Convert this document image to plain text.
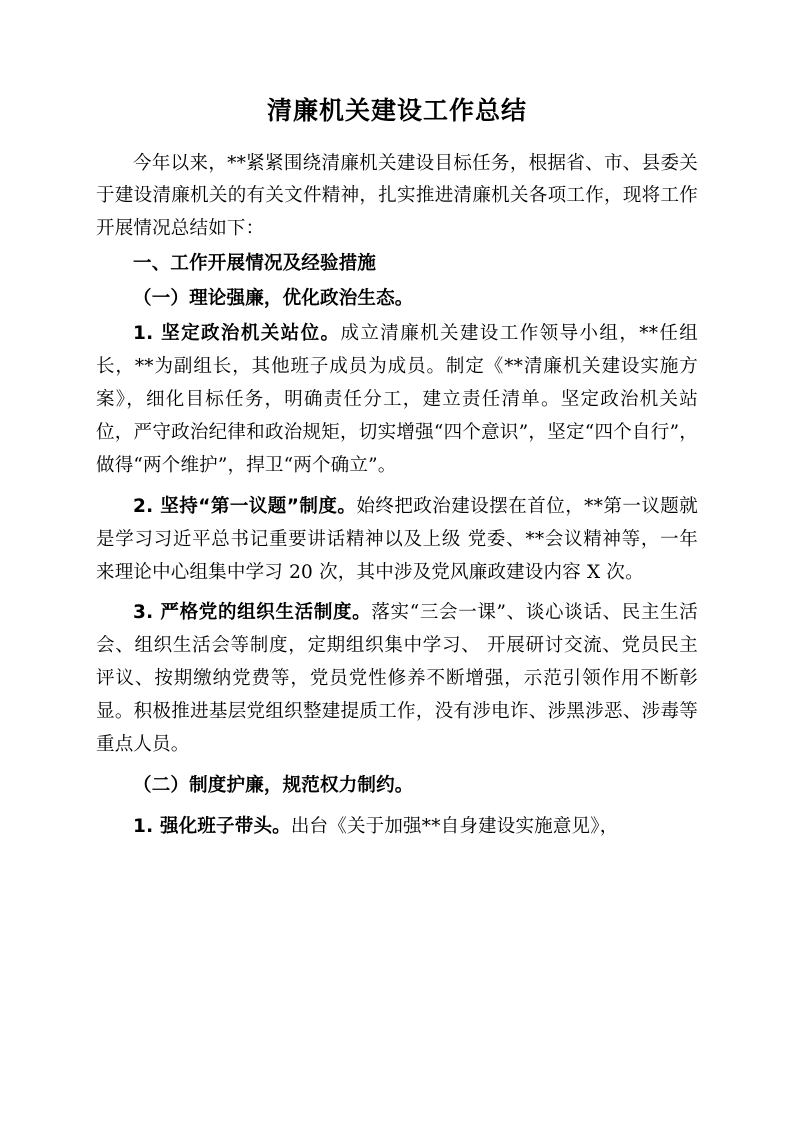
清廉机关建设工作总结

今年以来，**紧紧围绕清廉机关建设目标任务，根据省、市、县委关于建设清廉机关的有关文件精神，扎实推进清廉机关各项工作，现将工作开展情况总结如下：

一、工作开展情况及经验措施

（一）理论强廉，优化政治生态。

1. 坚定政治机关站位。成立清廉机关建设工作领导小组，**任组长，**为副组长，其他班子成员为成员。制定《**清廉机关建设实施方案》，细化目标任务，明确责任分工，建立责任清单。坚定政治机关站位，严守政治纪律和政治规矩，切实增强“四个意识”，坚定“四个自行”，做得“两个维护”，捍卫“两个确立”。

2. 坚持“第一议题”制度。始终把政治建设摆在首位，**第一议题就是学习习近平总书记重要讲话精神以及上级 党委、**会议精神等，一年来理论中心组集中学习 20 次，其中涉及党风廉政建设内容 X 次。

3. 严格党的组织生活制度。落实“三会一课”、谈心谈话、民主生活会、组织生活会等制度，定期组织集中学习、 开展研讨交流、党员民主评议、按期缴纳党费等，党员党性修养不断增强，示范引领作用不断彰显。积极推进基层党组织整建提质工作，没有涉电诈、涉黑涉恶、涉毒等重点人员。

（二）制度护廉，规范权力制约。

1. 强化班子带头。出台《关于加强**自身建设实施意见》，
